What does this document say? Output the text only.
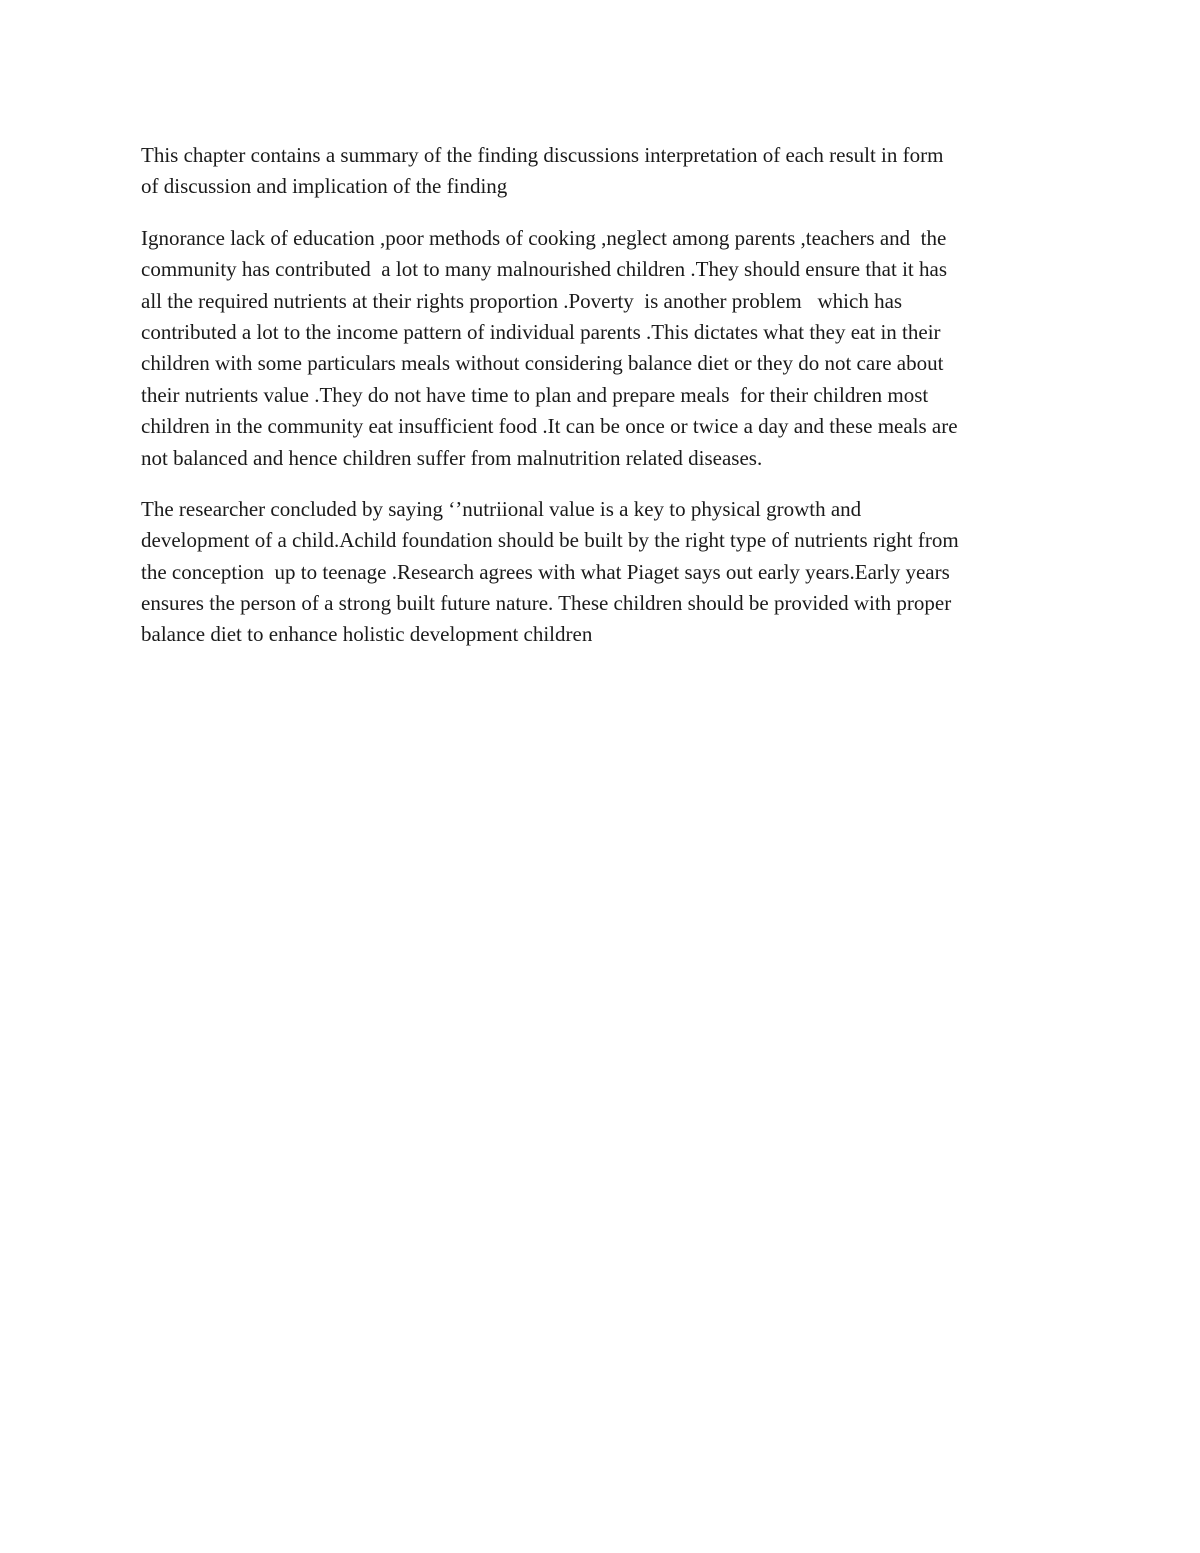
This chapter contains a summary of the finding discussions interpretation of each result in form
of discussion and implication of the finding

Ignorance lack of education ,poor methods of cooking ,neglect among parents ,teachers and  the
community has contributed  a lot to many malnourished children .They should ensure that it has
all the required nutrients at their rights proportion .Poverty  is another problem   which has
contributed a lot to the income pattern of individual parents .This dictates what they eat in their
children with some particulars meals without considering balance diet or they do not care about
their nutrients value .They do not have time to plan and prepare meals  for their children most
children in the community eat insufficient food .It can be once or twice a day and these meals are
not balanced and hence children suffer from malnutrition related diseases.

The researcher concluded by saying ‘’nutriional value is a key to physical growth and
development of a child.Achild foundation should be built by the right type of nutrients right from
the conception  up to teenage .Research agrees with what Piaget says out early years.Early years
ensures the person of a strong built future nature. These children should be provided with proper
balance diet to enhance holistic development children
